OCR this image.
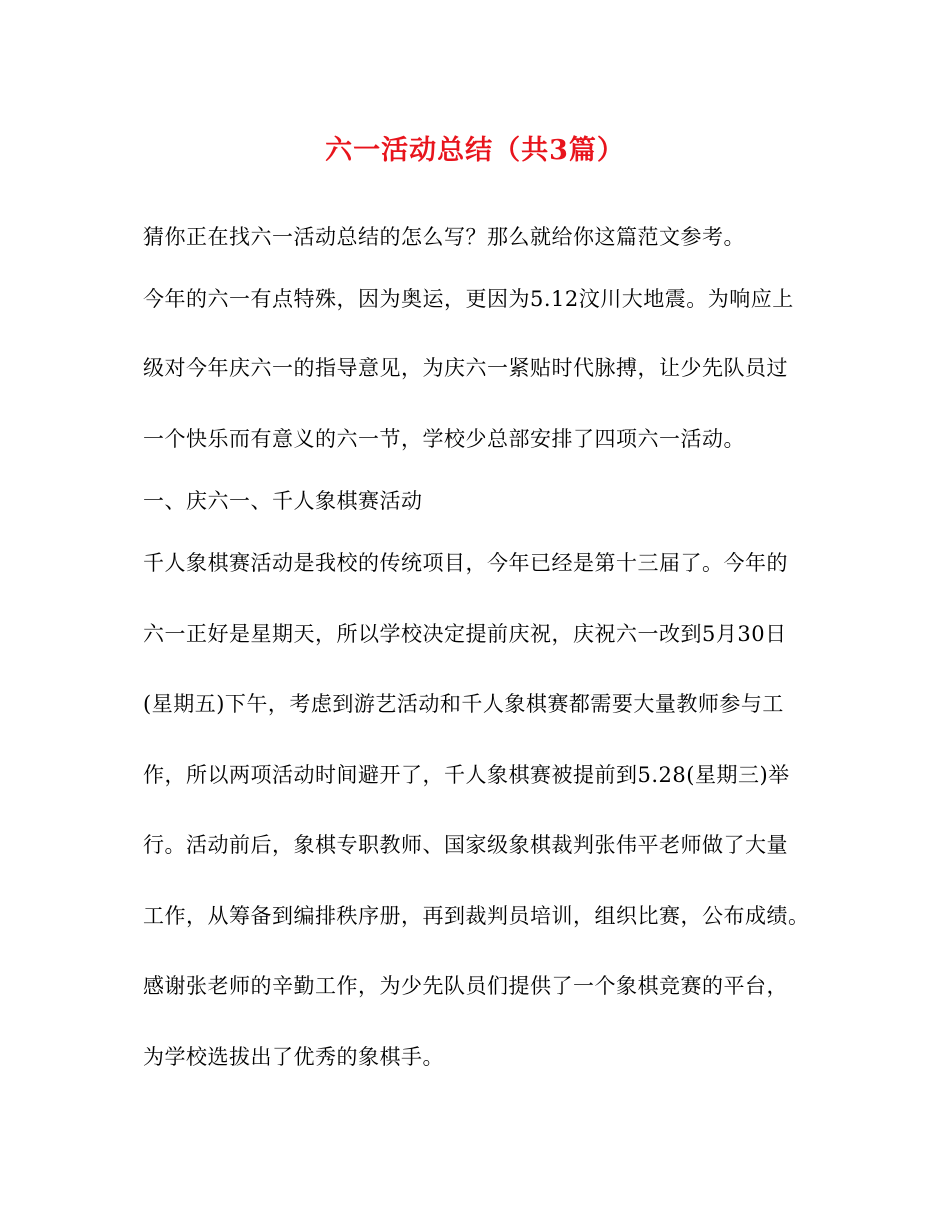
六一活动总结（共3篇）
猜你正在找六一活动总结的怎么写？那么就给你这篇范文参考。
今年的六一有点特殊，因为奥运，更因为5.12汶川大地震。为响应上
级对今年庆六一的指导意见，为庆六一紧贴时代脉搏，让少先队员过
一个快乐而有意义的六一节，学校少总部安排了四项六一活动。
一、庆六一、千人象棋赛活动
千人象棋赛活动是我校的传统项目，今年已经是第十三届了。今年的
六一正好是星期天，所以学校决定提前庆祝，庆祝六一改到5月30日
(星期五)下午，考虑到游艺活动和千人象棋赛都需要大量教师参与工
作，所以两项活动时间避开了，千人象棋赛被提前到5.28(星期三)举
行。活动前后，象棋专职教师、国家级象棋裁判张伟平老师做了大量
工作，从筹备到编排秩序册，再到裁判员培训，组织比赛，公布成绩。
感谢张老师的辛勤工作，为少先队员们提供了一个象棋竞赛的平台，
为学校选拔出了优秀的象棋手。
